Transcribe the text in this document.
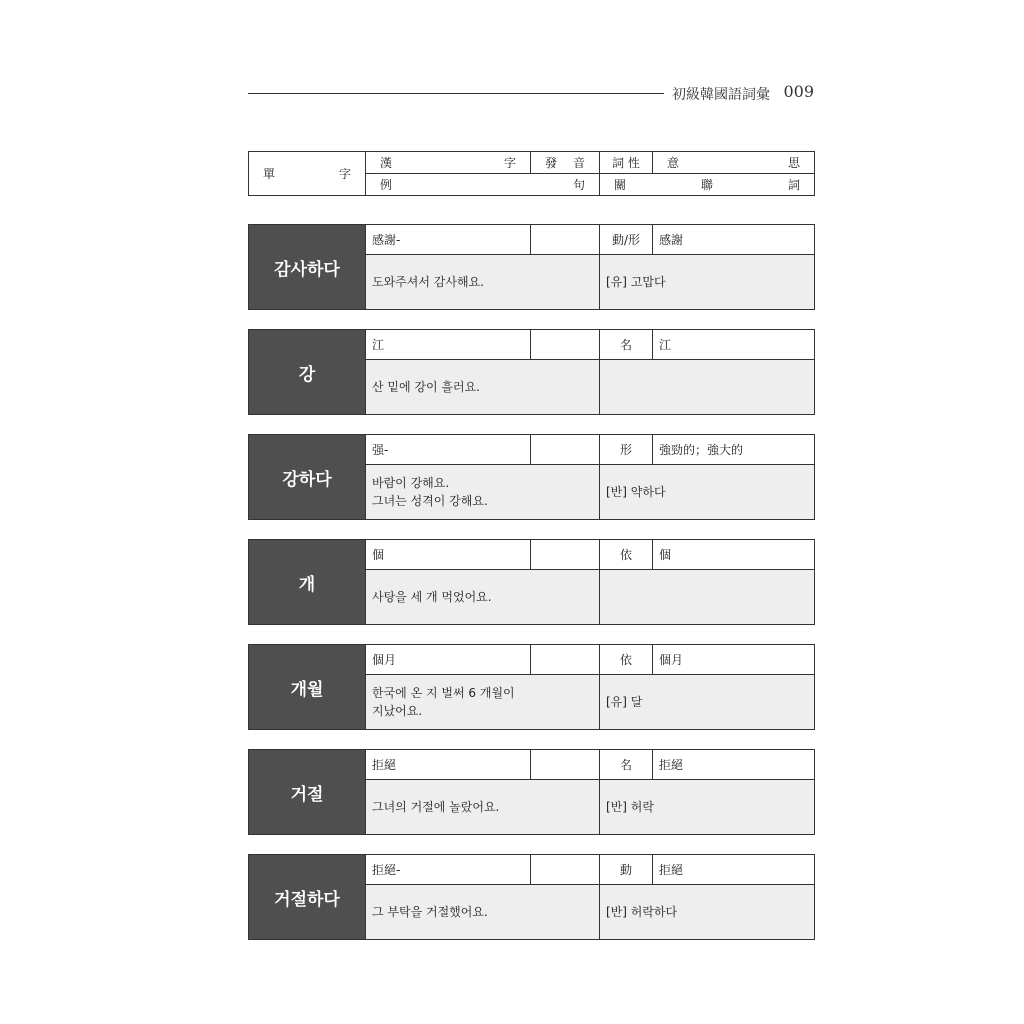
初級韓國語詞彙 009
單　　字	漢　　字	發　音	詞 性	意　　思
	例　　句		關　聯　詞	
감사하다	感謝-		動/形	感謝

	도와주셔서 감사해요.		[유] 고맙다	
강	江		名	江

	산 밑에 강이 흘러요.			

강하다	强-		形	強勁的；強大的

	바람이 강해요.
그녀는 성격이 강해요.		[반] 약하다	
개	個		依	個

	사탕을 세 개 먹었어요.			

개월	個月		依	個月

	한국에 온 지 벌써 6 개월이
지났어요.		[유] 달	
거절	拒絕		名	拒絕

	그녀의 거절에 놀랐어요.		[반] 허락	
거절하다	拒絕-		動	拒絕

	그 부탁을 거절했어요.		[반] 허락하다	
